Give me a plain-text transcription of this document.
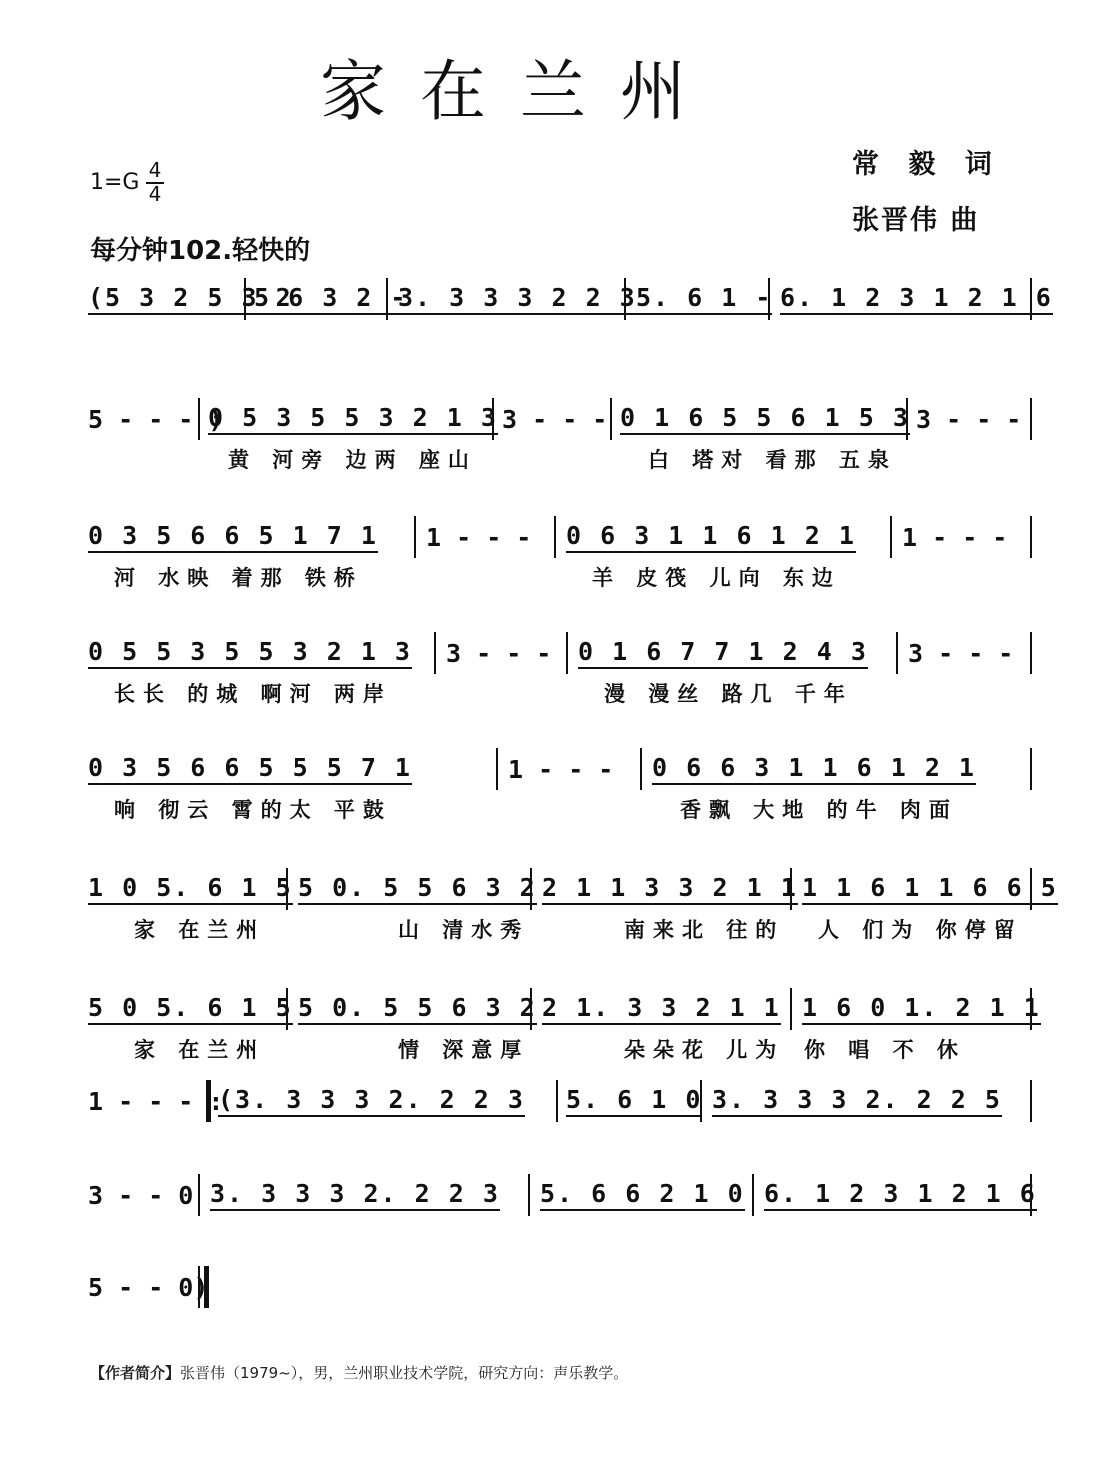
家在兰州
常 毅 词
张晋伟 曲
1=G 4
4
每分钟102.轻快的
(5 3 2 5 3 2
5 6 3 2 -
3. 3 3 3 2 2 3 5. 6 1 - 6. 1 2 3 1 2 1 6
5 - - - )
0 5 3 5 5 3 2 1 3 3 - - - 0 1 6 5 5 6 1 5 3 3 - - -
黄 河旁 边两 座山	白 塔对 看那 五泉
0 3 5 6 6 5 1 7 1 1 - - - 0 6 3 1 1 6 1 2 1 1 - - -
河 水映 着那 铁桥	羊 皮筏 儿向 东边
0 5 5 3 5 5 3 2 1 3 3 - - - 0 1 6 7 7 1 2 4 3 3 - - -
长长 的城 啊河 两岸	漫 漫丝 路几 千年
0 3 5 6 6 5 5 5 7 1	1 - - - 0 6 6 3 1 1 6 1 2 1
响 彻云 霄的太 平鼓	香飘 大地 的牛 肉面
1 0 5. 6 1 5 5 0. 5 5 6 3 2 2 1 1 3 3 2 1 1 1 1 6 1 1 6 6 5
家 在兰州	山 清水秀	南来北 往的 人 们为 你停留
5 0 5. 6 1 5 5 0. 5 5 6 3 2 2 1. 3 3 2 1 1 1 6 0 1. 2 1 1
家 在兰州	情 深意厚	朵朵花 儿为 你 唱 不 休
1 - - - :
(3. 3 3 3 2. 2 2 3 5. 6 1 0 3. 3 3 3 2. 2 2 5
3 - - 0 3. 3 3 3 2. 2 2 3 5. 6 6 2 1 0 6. 1 2 3 1 2 1 6
5 - - 0)
【作者简介】张晋伟（1979~），男，兰州职业技术学院，研究方向：声乐教学。
